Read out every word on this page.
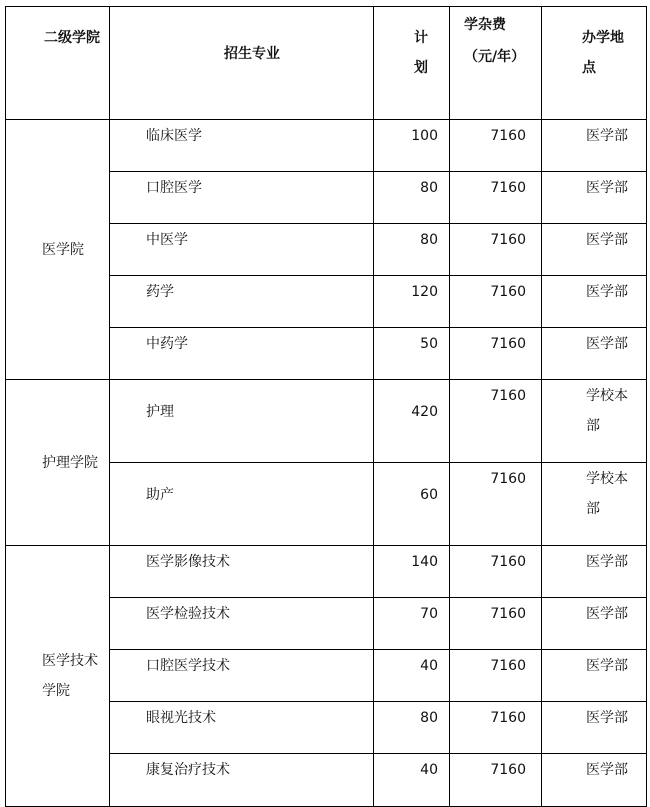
二级学院	招生专业	计划	学杂费（元/年）	办学地点

医学院	临床医学	100	7160	医学部

	口腔医学	80	7160	医学部

	中医学	80	7160	医学部

	药学	120	7160	医学部

	中药学	50	7160	医学部

护理学院	护理	420	7160	学校本部

	助产	60	7160	学校本部

医学技术学院	医学影像技术	140	7160	医学部

	医学检验技术	70	7160	医学部

	口腔医学技术	40	7160	医学部

	眼视光技术	80	7160	医学部

	康复治疗技术	40	7160	医学部
